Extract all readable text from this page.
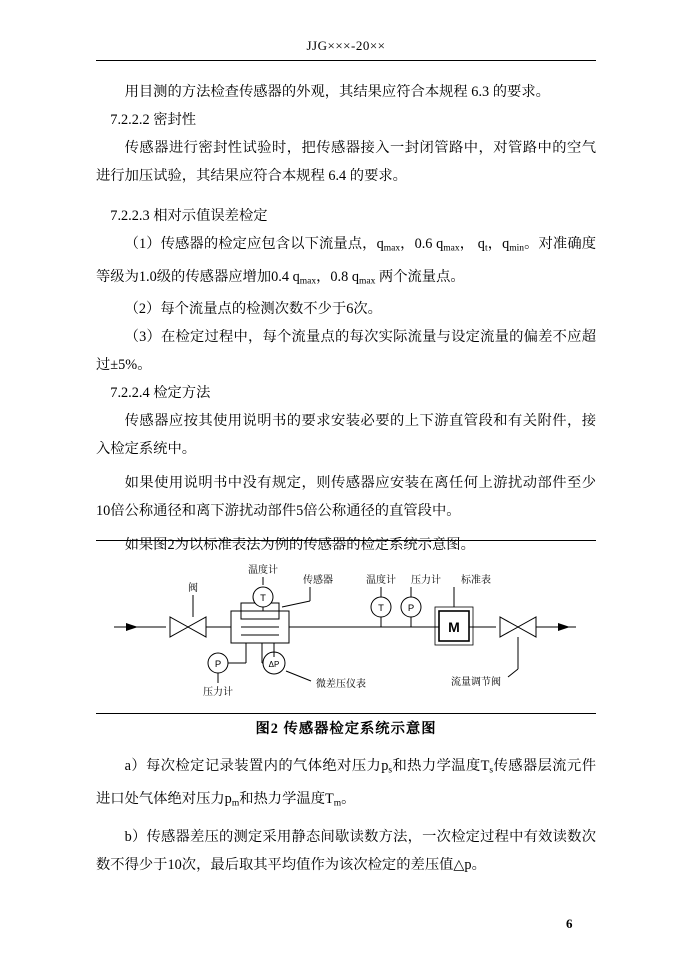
JJG×××-20××

用目测的方法检查传感器的外观，其结果应符合本规程 6.3 的要求。

7.2.2.2 密封性

传感器进行密封性试验时，把传感器接入一封闭管路中，对管路中的空气进行加压试验，其结果应符合本规程 6.4 的要求。

7.2.2.3 相对示值误差检定

（1）传感器的检定应包含以下流量点，$q_{max}$，0.6 $q_{max}$， $q_t$，$q_{min}$。对准确度等级为1.0级的传感器应增加0.4 $q_{max}$，0.8 $q_{max}$ 两个流量点。

（2）每个流量点的检测次数不少于6次。

（3）在检定过程中，每个流量点的每次实际流量与设定流量的偏差不应超过±5%。

7.2.2.4 检定方法

传感器应按其使用说明书的要求安装必要的上下游直管段和有关附件，接入检定系统中。

如果使用说明书中没有规定，则传感器应安装在离任何上游扰动部件至少10倍公称通径和离下游扰动部件5倍公称通径的直管段中。

如果图2为以标准表法为例的传感器的检定系统示意图。

T
P	ΔP
T	P
M
阀
温度计
传感器	温度计 压力计 标准表
压力计
微差压仪表	流量调节阀
图2 传感器检定系统示意图

a）每次检定记录装置内的气体绝对压力$p_s$和热力学温度$T_s$传感器层流元件进口处气体绝对压力$p_m$和热力学温度$T_m$。

b）传感器差压的测定采用静态间歇读数方法，一次检定过程中有效读数次数不得少于10次，最后取其平均值作为该次检定的差压值△p。

6
